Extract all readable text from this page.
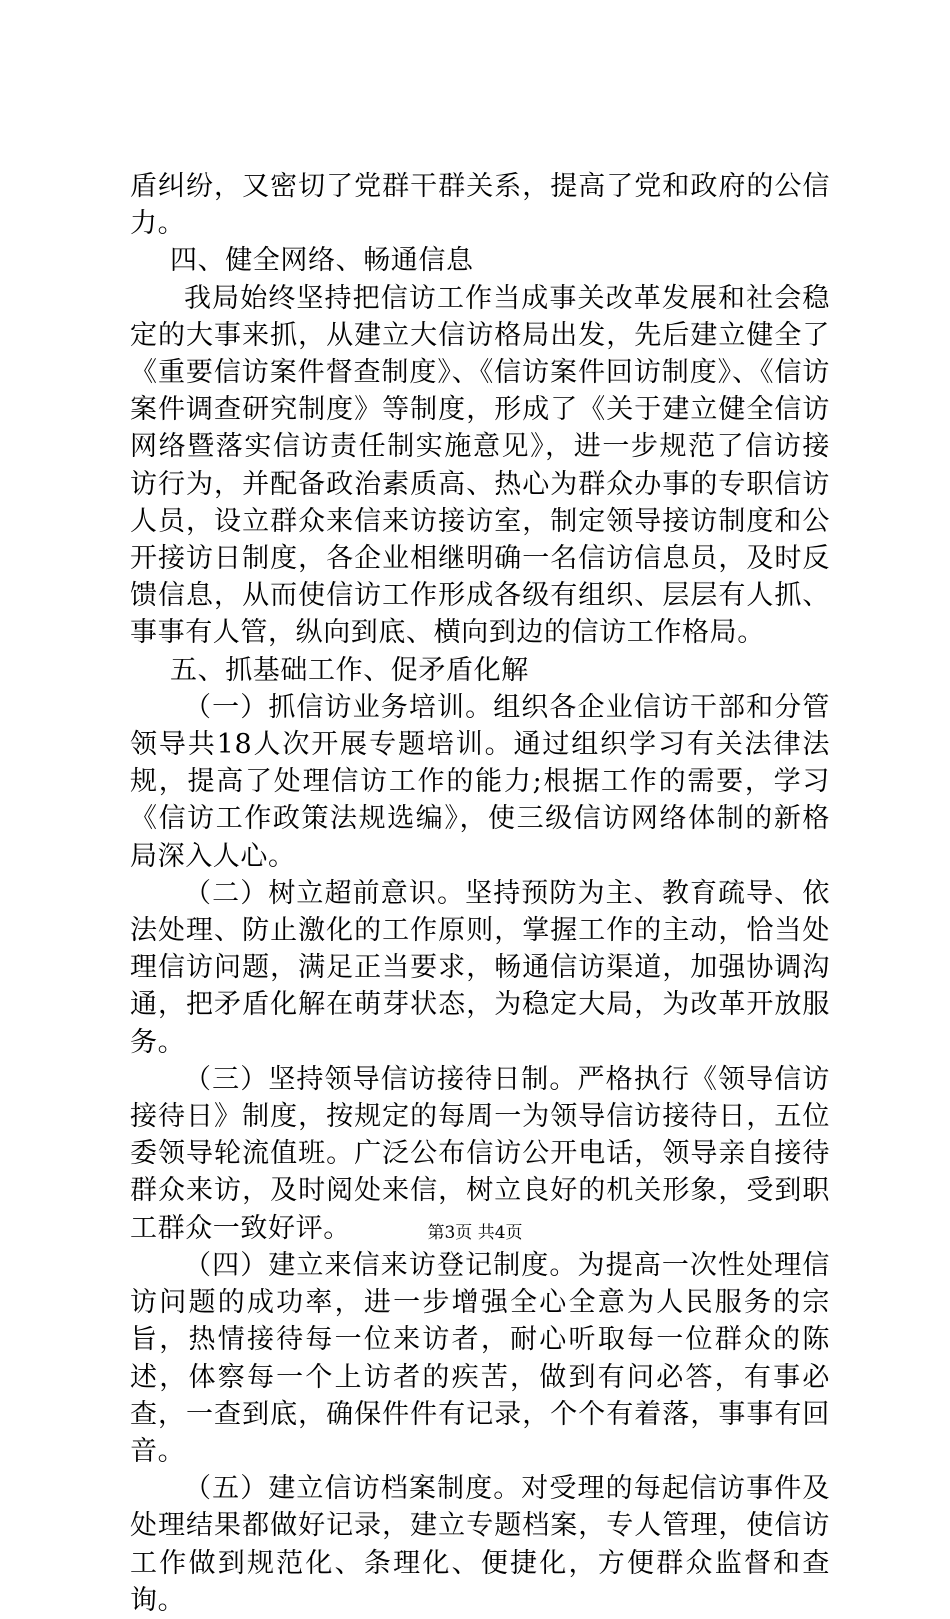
盾纠纷，又密切了党群干群关系，提高了党和政府的公信力。

四、健全网络、畅通信息

我局始终坚持把信访工作当成事关改革发展和社会稳定的大事来抓，从建立大信访格局出发，先后建立健全了《重要信访案件督查制度》、《信访案件回访制度》、《信访案件调查研究制度》等制度，形成了《关于建立健全信访网络暨落实信访责任制实施意见》，进一步规范了信访接访行为，并配备政治素质高、热心为群众办事的专职信访人员，设立群众来信来访接访室，制定领导接访制度和公开接访日制度，各企业相继明确一名信访信息员，及时反馈信息，从而使信访工作形成各级有组织、层层有人抓、事事有人管，纵向到底、横向到边的信访工作格局。

五、抓基础工作、促矛盾化解

（一）抓信访业务培训。组织各企业信访干部和分管领导共18人次开展专题培训。通过组织学习有关法律法规，提高了处理信访工作的能力;根据工作的需要，学习《信访工作政策法规选编》，使三级信访网络体制的新格局深入人心。

（二）树立超前意识。坚持预防为主、教育疏导、依法处理、防止激化的工作原则，掌握工作的主动，恰当处理信访问题，满足正当要求，畅通信访渠道，加强协调沟通，把矛盾化解在萌芽状态，为稳定大局，为改革开放服务。

（三）坚持领导信访接待日制。严格执行《领导信访接待日》制度，按规定的每周一为领导信访接待日，五位委领导轮流值班。广泛公布信访公开电话，领导亲自接待群众来访，及时阅处来信，树立良好的机关形象，受到职工群众一致好评。

（四）建立来信来访登记制度。为提高一次性处理信访问题的成功率，进一步增强全心全意为人民服务的宗旨，热情接待每一位来访者，耐心听取每一位群众的陈述，体察每一个上访者的疾苦，做到有问必答，有事必查，一查到底，确保件件有记录，个个有着落，事事有回音。

（五）建立信访档案制度。对受理的每起信访事件及处理结果都做好记录，建立专题档案，专人管理，使信访工作做到规范化、条理化、便捷化，方便群众监督和查询。

第3页 共4页
